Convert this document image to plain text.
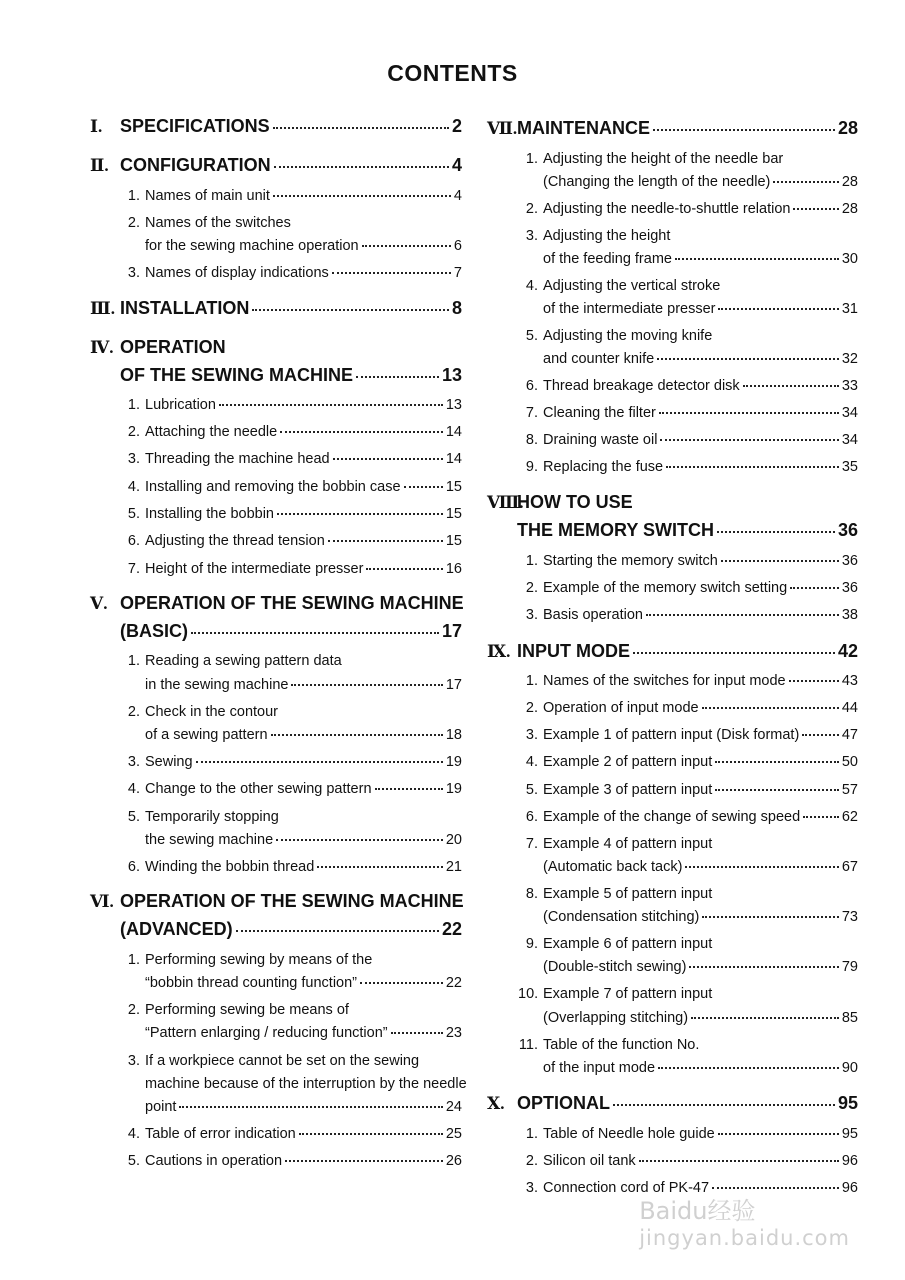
CONTENTS
Ⅰ. SPECIFICATIONS	2
Ⅱ. CONFIGURATION	4
1. Names of main unit	4
2. Names of the switches
for the sewing machine operation	6
3. Names of display indications	7
Ⅲ. INSTALLATION	8
Ⅳ. OPERATION
OF THE SEWING MACHINE	13
1. Lubrication	13
2. Attaching the needle	14
3. Threading the machine head	14
4. Installing and removing the bobbin case	15
5. Installing the bobbin	15
6. Adjusting the thread tension	15
7. Height of the intermediate presser	16
Ⅴ. OPERATION OF THE SEWING MACHINE
(BASIC)	17
1. Reading a sewing pattern data
in the sewing machine	17
2. Check in the contour
of a sewing pattern	18
3. Sewing	19
4. Change to the other sewing pattern	19
5. Temporarily stopping
the sewing machine	20
6. Winding the bobbin thread	21
Ⅵ. OPERATION OF THE SEWING MACHINE
(ADVANCED)	22
1. Performing sewing by means of the
“bobbin thread counting function”	22
2. Performing sewing be means of
“Pattern enlarging / reducing function”	23
3. If a workpiece cannot be set on the sewing
machine because of the interruption by the needle
point	24
4. Table of error indication	25
5. Cautions in operation	26
Ⅶ. MAINTENANCE	28
1. Adjusting the height of the needle bar
(Changing the length of the needle)	28
2. Adjusting the needle-to-shuttle relation	28
3. Adjusting the height
of the feeding frame	30
4. Adjusting the vertical stroke
of the intermediate presser	31
5. Adjusting the moving knife
and counter knife	32
6. Thread breakage detector disk	33
7. Cleaning the filter	34
8. Draining waste oil	34
9. Replacing the fuse	35
Ⅷ.
HOW TO USE
THE MEMORY SWITCH	36
1. Starting the memory switch	36
2. Example of the memory switch setting	36
3. Basis operation	38
Ⅸ. INPUT MODE	42
1. Names of the switches for input mode	43
2. Operation of input mode	44
3. Example 1 of pattern input (Disk format)	47
4. Example 2 of pattern input	50
5. Example 3 of pattern input	57
6. Example of the change of sewing speed	62
7. Example 4 of pattern input
(Automatic back tack)	67
8. Example 5 of pattern input
(Condensation stitching)	73
9. Example 6 of pattern input
(Double-stitch sewing)	79
10. Example 7 of pattern input
(Overlapping stitching)	85
11. Table of the function No.
of the input mode	90
Ⅹ. OPTIONAL	95
1. Table of Needle hole guide	95
2. Silicon oil tank	96
3. Connection cord of PK-47	96
Baidu经验
jingyan.baidu.com
